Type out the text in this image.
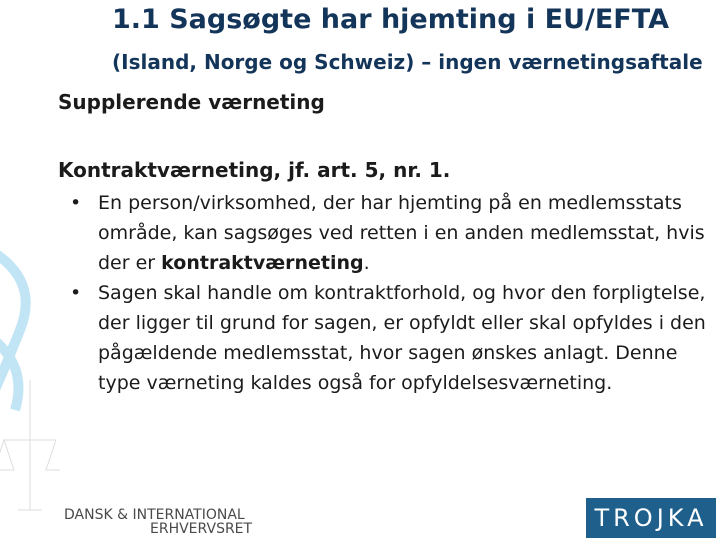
1.1 Sagsøgte har hjemting i EU/EFTA
(Island, Norge og Schweiz) – ingen værnetingsaftale
Supplerende værneting
Kontraktværneting, jf. art. 5, nr. 1.
• En person/virksomhed, der har hjemting på en medlemsstats område, kan sagsøges ved retten i en anden medlemsstat, hvis der er kontraktværneting.
• Sagen skal handle om kontraktforhold, og hvor den forpligtelse, der ligger til grund for sagen, er opfyldt eller skal opfyldes i den pågældende medlemsstat, hvor sagen ønskes anlagt. Denne type værneting kaldes også for opfyldelsesværneting.
DANSK & INTERNATIONAL
ERHVERVSRET	TROJKA
